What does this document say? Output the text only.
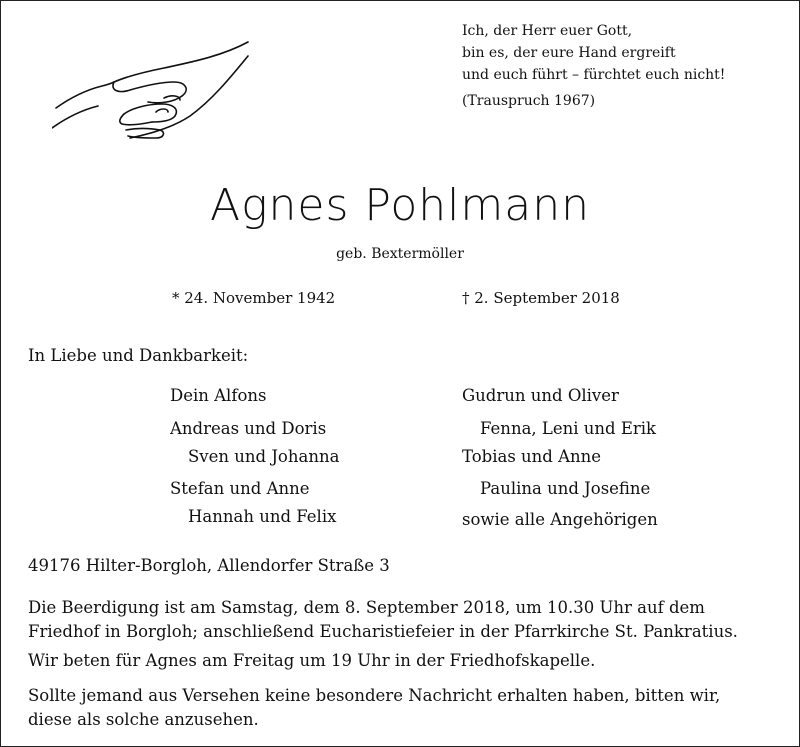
Ich, der Herr euer Gott,
bin es, der eure Hand ergreift
und euch führt – fürchtet euch nicht!
(Trauspruch 1967)
Agnes Pohlmann
geb. Bextermöller
* 24. November 1942	† 2. September 2018
In Liebe und Dankbarkeit:
Dein Alfons
Andreas und Doris
Sven und Johanna
Stefan und Anne
Hannah und Felix
Gudrun und Oliver
Fenna, Leni und Erik
Tobias und Anne
Paulina und Josefine
sowie alle Angehörigen
49176 Hilter-Borgloh, Allendorfer Straße 3
Die Beerdigung ist am Samstag, dem 8. September 2018, um 10.30 Uhr auf dem
Friedhof in Borgloh; anschließend Eucharistiefeier in der Pfarrkirche St. Pankratius.
Wir beten für Agnes am Freitag um 19 Uhr in der Friedhofskapelle.
Sollte jemand aus Versehen keine besondere Nachricht erhalten haben, bitten wir,
diese als solche anzusehen.
